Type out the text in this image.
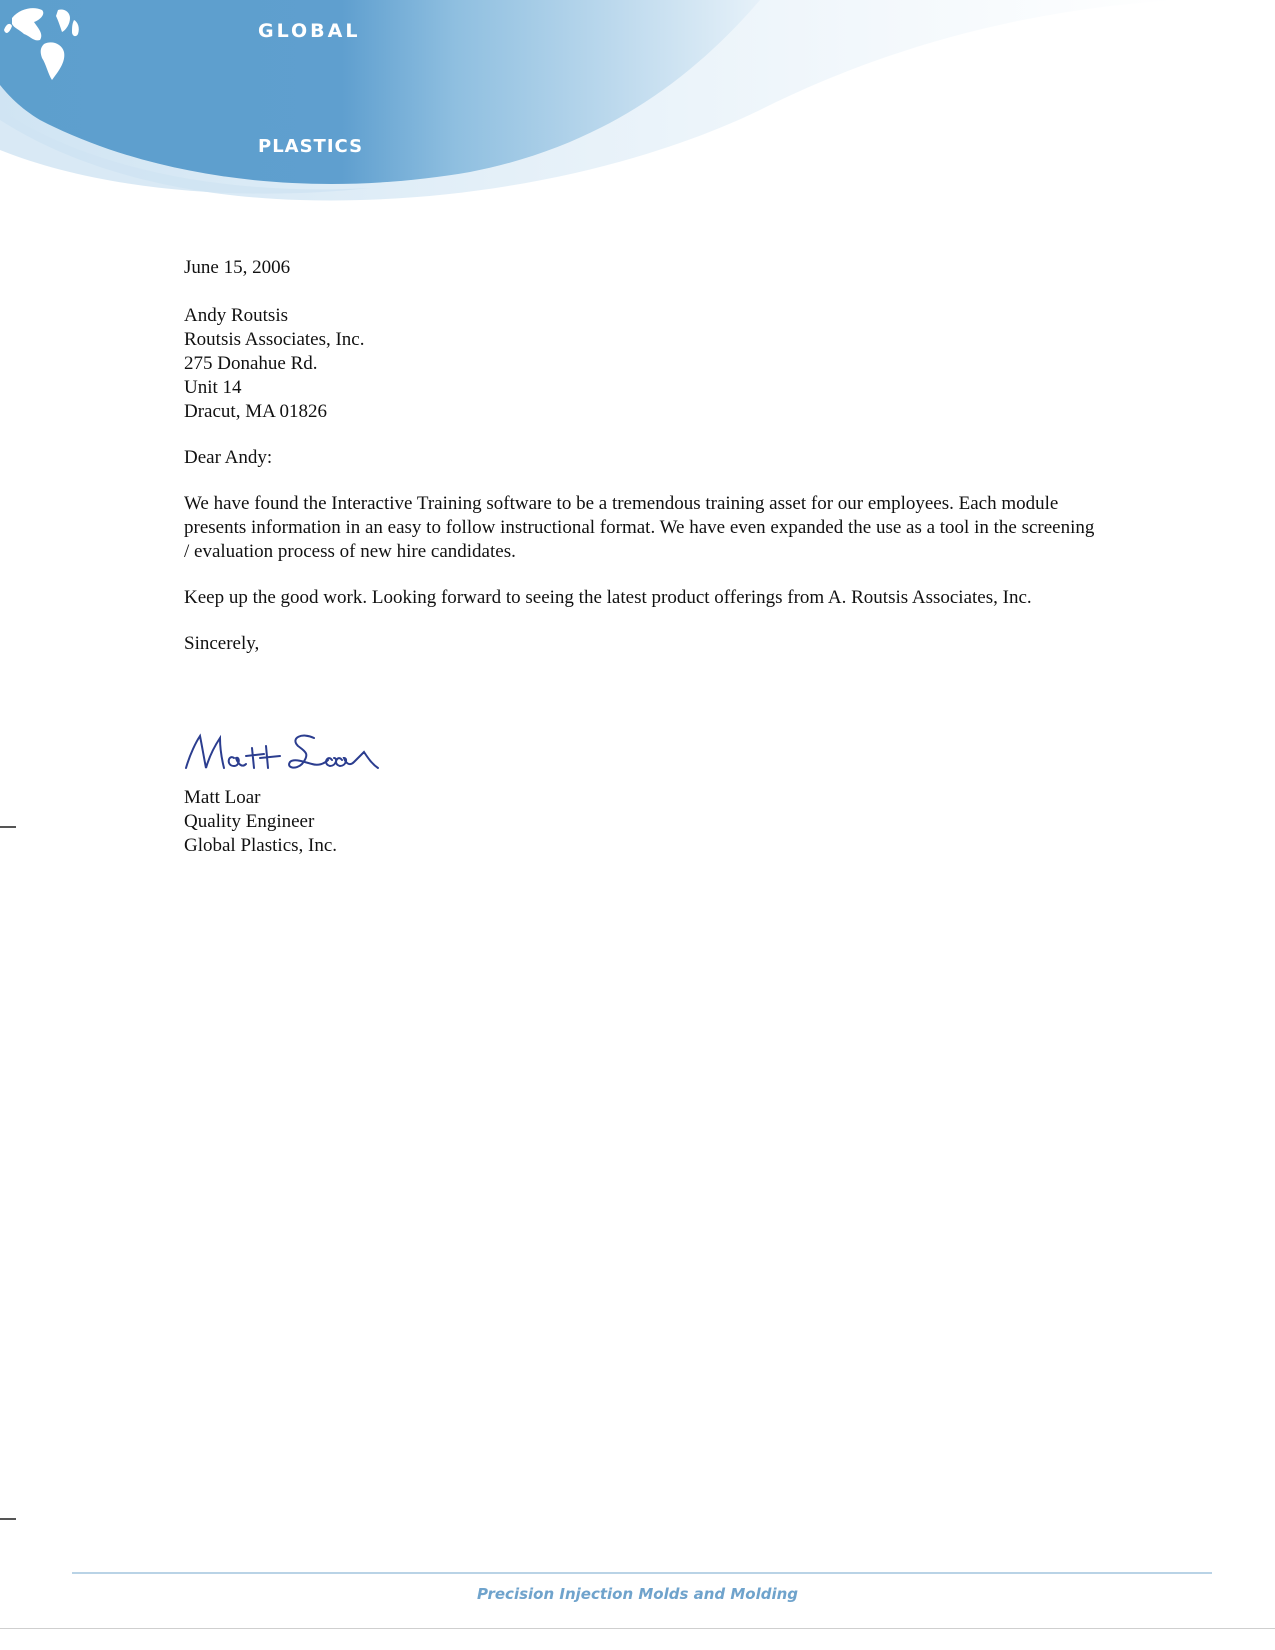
GLOBAL
PLASTICS
June 15, 2006
Andy Routsis
Routsis Associates, Inc.
275 Donahue Rd.
Unit 14
Dracut, MA 01826
Dear Andy:
We have found the Interactive Training software to be a tremendous training asset for our employees. Each module presents information in an easy to follow instructional format. We have even expanded the use as a tool in the screening / evaluation process of new hire candidates.
Keep up the good work. Looking forward to seeing the latest product offerings from A. Routsis Associates, Inc.
Sincerely,
Matt Loar
Quality Engineer
Global Plastics, Inc.
Precision Injection Molds and Molding
